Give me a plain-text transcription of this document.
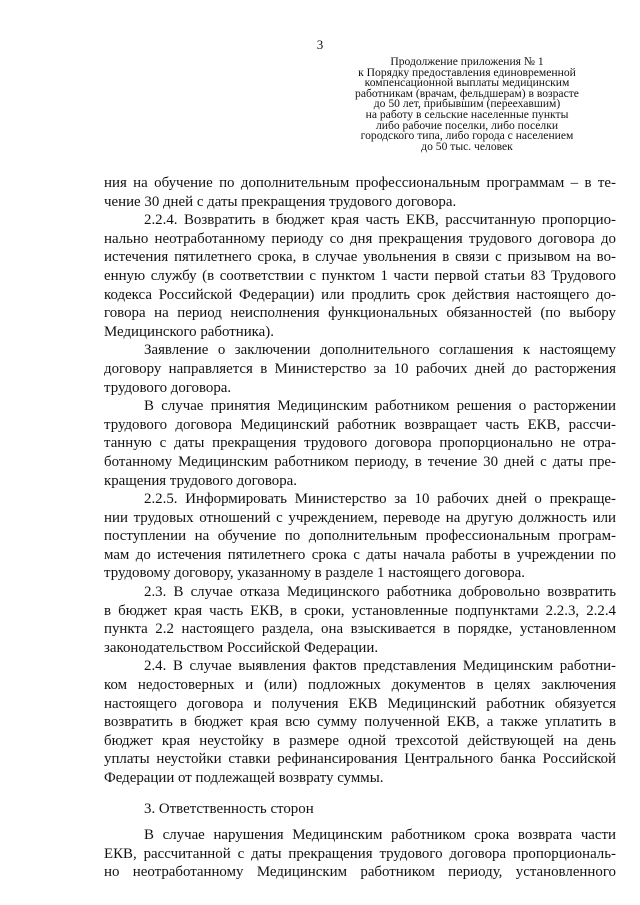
3
Продолжение приложения № 1
к Порядку предоставления единовременной
компенсационной выплаты медицинским
работникам (врачам, фельдшерам) в возрасте
до 50 лет, прибывшим (переехавшим)
на работу в сельские населенные пункты
либо рабочие поселки, либо поселки
городского типа, либо города с населением
до 50 тыс. человек
ния на обучение по дополнительным профессиональным программам – в те-
чение 30 дней с даты прекращения трудового договора.
2.2.4. Возвратить в бюджет края часть ЕКВ, рассчитанную пропорцио-
нально неотработанному периоду со дня прекращения трудового договора до
истечения пятилетнего срока, в случае увольнения в связи с призывом на во-
енную службу (в соответствии с пунктом 1 части первой статьи 83 Трудового
кодекса Российской Федерации) или продлить срок действия настоящего до-
говора на период неисполнения функциональных обязанностей (по выбору
Медицинского работника).
Заявление о заключении дополнительного соглашения к настоящему
договору направляется в Министерство за 10 рабочих дней до расторжения
трудового договора.
В случае принятия Медицинским работником решения о расторжении
трудового договора Медицинский работник возвращает часть ЕКВ, рассчи-
танную с даты прекращения трудового договора пропорционально не отра-
ботанному Медицинским работником периоду, в течение 30 дней с даты пре-
кращения трудового договора.
2.2.5. Информировать Министерство за 10 рабочих дней о прекраще-
нии трудовых отношений с учреждением, переводе на другую должность или
поступлении на обучение по дополнительным профессиональным програм-
мам до истечения пятилетнего срока с даты начала работы в учреждении по
трудовому договору, указанному в разделе 1 настоящего договора.
2.3. В случае отказа Медицинского работника добровольно возвратить
в бюджет края часть ЕКВ, в сроки, установленные подпунктами 2.2.3, 2.2.4
пункта 2.2 настоящего раздела, она взыскивается в порядке, установленном
законодательством Российской Федерации.
2.4. В случае выявления фактов представления Медицинским работни-
ком недостоверных и (или) подложных документов в целях заключения
настоящего договора и получения ЕКВ Медицинский работник обязуется
возвратить в бюджет края всю сумму полученной ЕКВ, а также уплатить в
бюджет края неустойку в размере одной трехсотой действующей на день
уплаты неустойки ставки рефинансирования Центрального банка Российской
Федерации от подлежащей возврату суммы.
3. Ответственность сторон
В случае нарушения Медицинским работником срока возврата части
ЕКВ, рассчитанной с даты прекращения трудового договора пропорциональ-
но неотработанному Медицинским работником периоду, установленного
